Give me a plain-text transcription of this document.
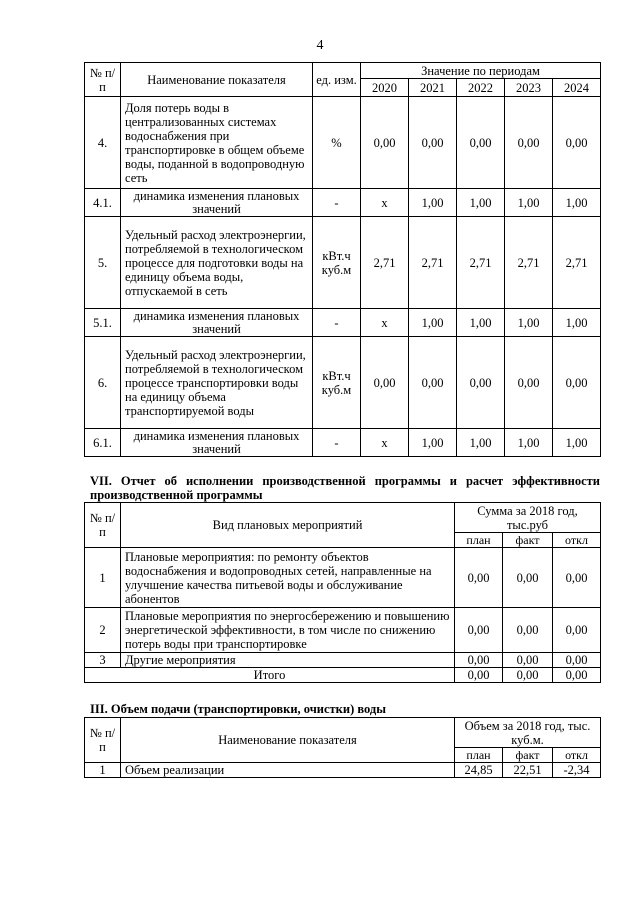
4
№ п/п	Наименование показателя	ед. изм.	Значение по периодам				
			2020	2021	2022	2023	2024
4.	Доля потерь воды в централизованных системах водоснабжения при транспортировке в общем объеме воды, поданной в водопроводную сеть	%	0,00	0,00	0,00	0,00	0,00
4.1.	динамика изменения плановых значений	-	х	1,00	1,00	1,00	1,00
5.	Удельный расход электроэнергии, потребляемой в технологическом процессе для подготовки воды на единицу объема воды, отпускаемой в сеть	кВт.ч куб.м	2,71	2,71	2,71	2,71	2,71
5.1.	динамика изменения плановых значений	-	х	1,00	1,00	1,00	1,00
6.	Удельный расход электроэнергии, потребляемой в технологическом процессе транспортировки воды на единицу объема транспортируемой воды	кВт.ч куб.м	0,00	0,00	0,00	0,00	0,00
6.1.	динамика изменения плановых значений	-	х	1,00	1,00	1,00	1,00
VII. Отчет об исполнении производственной программы и расчет эффективности производственной программы
№ п/п	Вид плановых мероприятий	Сумма за 2018 год, тыс.руб		
		план	факт	откл
1	Плановые мероприятия: по ремонту объектов водоснабжения и водопроводных сетей, направленные на улучшение качества питьевой воды и обслуживание абонентов	0,00	0,00	0,00
2	Плановые мероприятия по энергосбережению и повышению энергетической эффективности, в том числе по снижению потерь воды при транспортировке	0,00	0,00	0,00
3	Другие мероприятия	0,00	0,00	0,00
Итого		0,00	0,00	0,00
III. Объем подачи (транспортировки, очистки) воды
№ п/п	Наименование показателя	Объем за 2018 год, тыс. куб.м.		
		план	факт	откл
1	Объем реализации	24,85	22,51	-2,34
